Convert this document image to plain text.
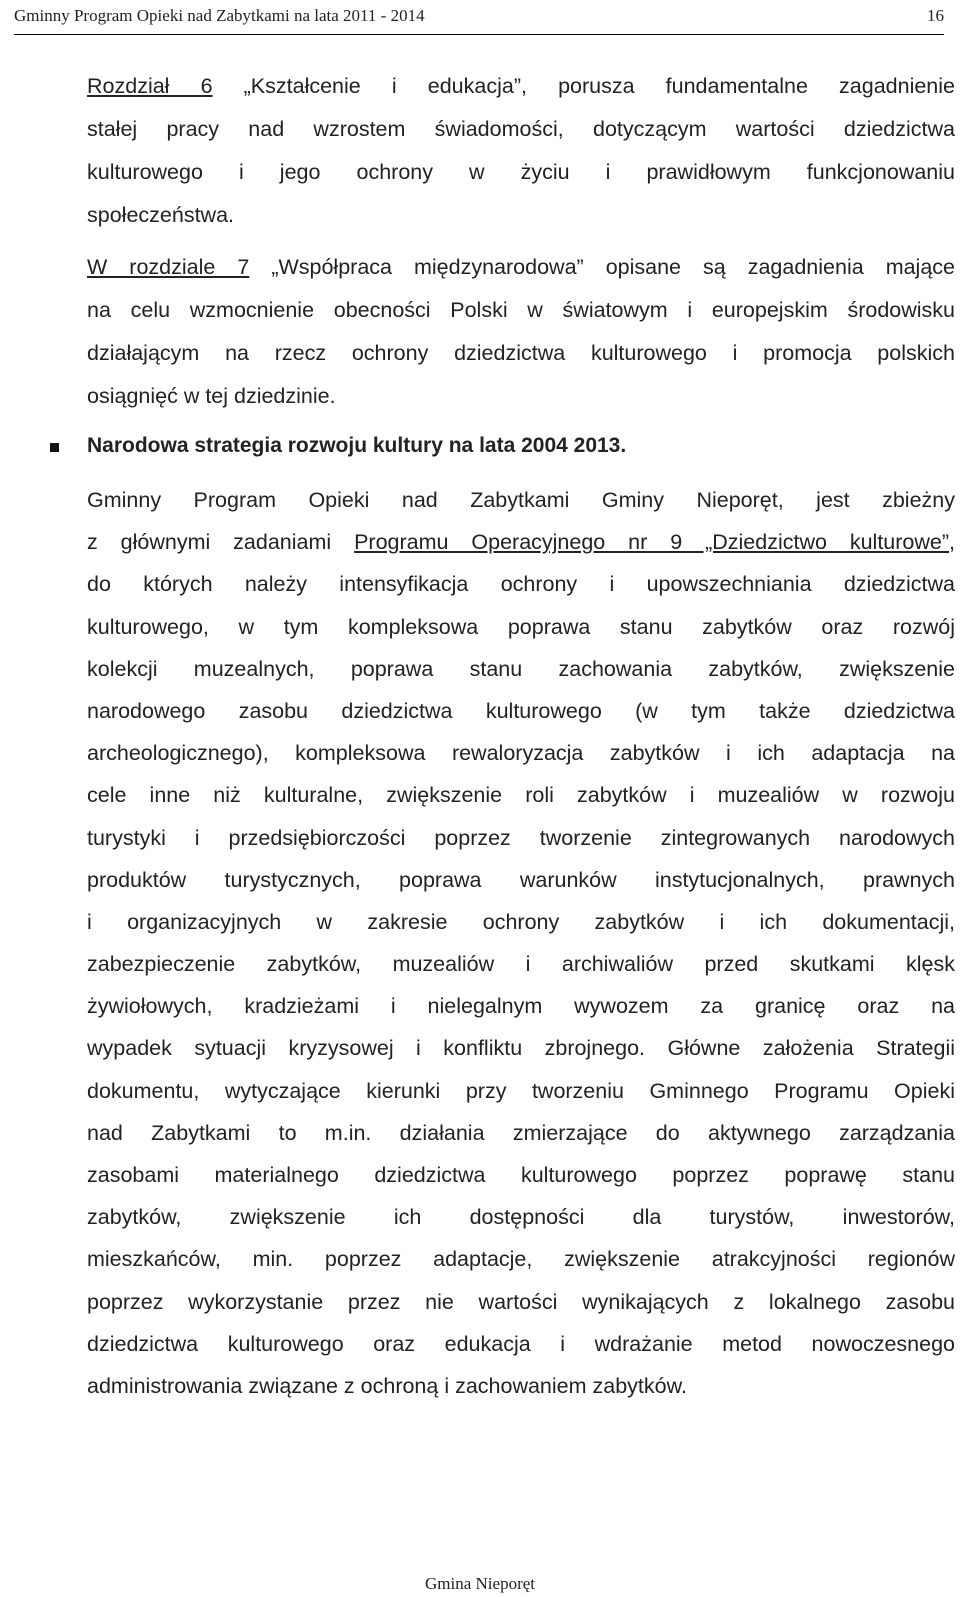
Gminny Program Opieki nad Zabytkami na lata 2011 - 2014	16
Rozdział 6 „Kształcenie i edukacja”, porusza fundamentalne zagadnienie
stałej pracy nad wzrostem świadomości, dotyczącym wartości dziedzictwa
kulturowego i jego ochrony w życiu i prawidłowym funkcjonowaniu
społeczeństwa.
W rozdziale 7 „Współpraca międzynarodowa” opisane są zagadnienia mające
na celu wzmocnienie obecności Polski w światowym i europejskim środowisku
działającym na rzecz ochrony dziedzictwa kulturowego i promocja polskich
osiągnięć w tej dziedzinie.
Narodowa strategia rozwoju kultury na lata 2004 2013.
Gminny Program Opieki nad Zabytkami Gminy Nieporęt, jest zbieżny
z głównymi zadaniami Programu Operacyjnego nr 9 „Dziedzictwo kulturowe”,
do których należy intensyfikacja ochrony i upowszechniania dziedzictwa
kulturowego, w tym kompleksowa poprawa stanu zabytków oraz rozwój
kolekcji muzealnych, poprawa stanu zachowania zabytków, zwiększenie
narodowego zasobu dziedzictwa kulturowego (w tym także dziedzictwa
archeologicznego), kompleksowa rewaloryzacja zabytków i ich adaptacja na
cele inne niż kulturalne, zwiększenie roli zabytków i muzealiów w rozwoju
turystyki i przedsiębiorczości poprzez tworzenie zintegrowanych narodowych
produktów turystycznych, poprawa warunków instytucjonalnych, prawnych
i organizacyjnych w zakresie ochrony zabytków i ich dokumentacji,
zabezpieczenie zabytków, muzealiów i archiwaliów przed skutkami klęsk
żywiołowych, kradzieżami i nielegalnym wywozem za granicę oraz na
wypadek sytuacji kryzysowej i konfliktu zbrojnego. Główne założenia Strategii
dokumentu, wytyczające kierunki przy tworzeniu Gminnego Programu Opieki
nad Zabytkami to m.in. działania zmierzające do aktywnego zarządzania
zasobami materialnego dziedzictwa kulturowego poprzez poprawę stanu
zabytków, zwiększenie ich dostępności dla turystów, inwestorów,
mieszkańców, min. poprzez adaptacje, zwiększenie atrakcyjności regionów
poprzez wykorzystanie przez nie wartości wynikających z lokalnego zasobu
dziedzictwa kulturowego oraz edukacja i wdrażanie metod nowoczesnego
administrowania związane z ochroną i zachowaniem zabytków.
Gmina Nieporęt
